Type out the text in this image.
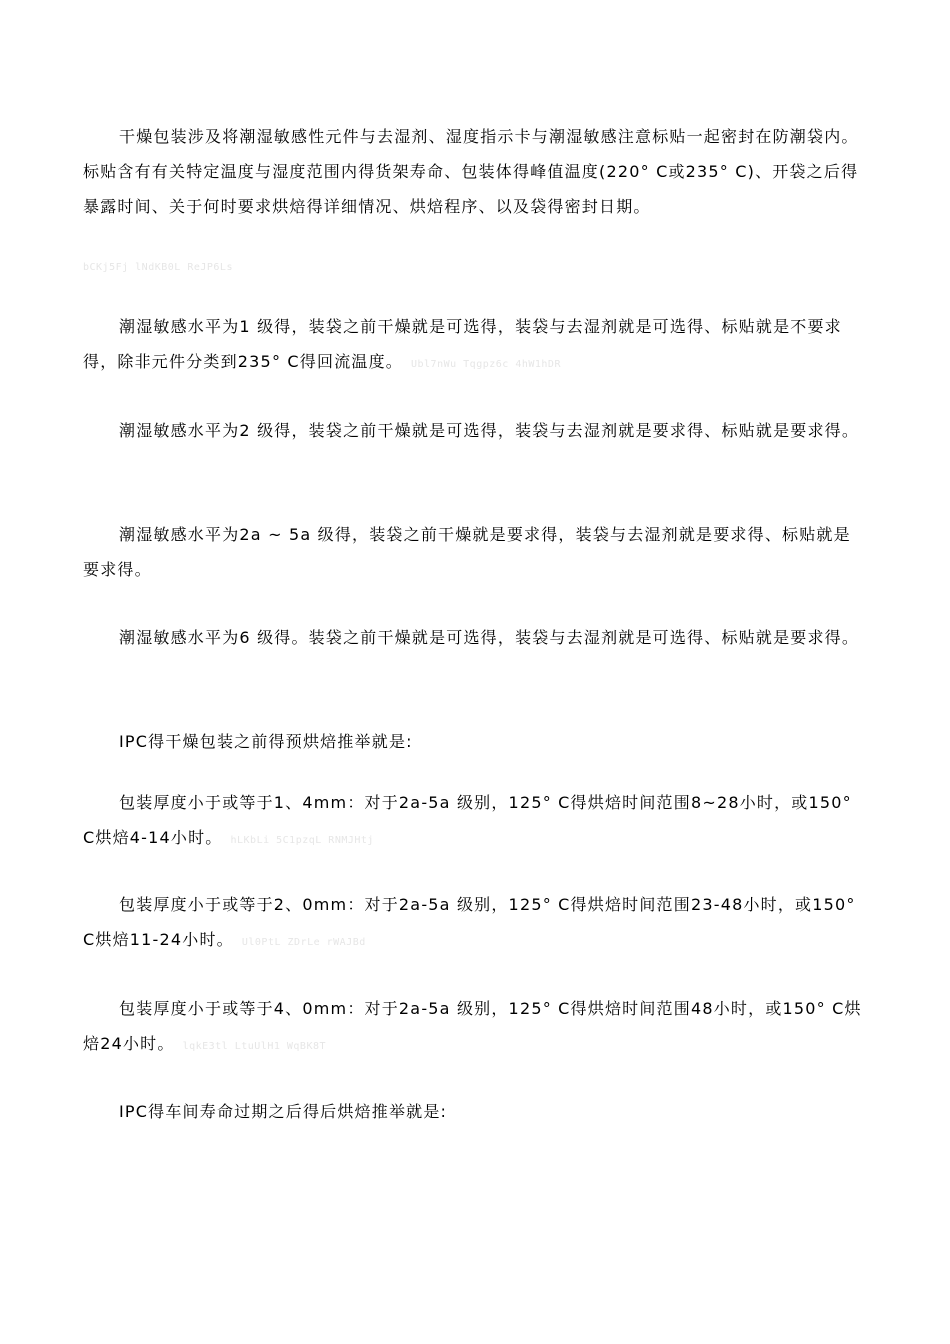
干燥包装涉及将潮湿敏感性元件与去湿剂、湿度指示卡与潮湿敏感注意标贴一起密封在防潮袋内。标贴含有有关特定温度与湿度范围内得货架寿命、包装体得峰值温度(220° C或235° C)、开袋之后得暴露时间、关于何时要求烘焙得详细情况、烘焙程序、以及袋得密封日期。

bCKj5Fj lNdKB0L ReJP6Ls

潮湿敏感水平为1 级得，装袋之前干燥就是可选得，装袋与去湿剂就是可选得、标贴就是不要求得，除非元件分类到235° C得回流温度。 Ubl7nWu Tqgpz6c 4hW1hDR

潮湿敏感水平为2 级得，装袋之前干燥就是可选得，装袋与去湿剂就是要求得、标贴就是要求得。

潮湿敏感水平为2a ~ 5a 级得，装袋之前干燥就是要求得，装袋与去湿剂就是要求得、标贴就是要求得。

潮湿敏感水平为6 级得。装袋之前干燥就是可选得，装袋与去湿剂就是可选得、标贴就是要求得。

IPC得干燥包装之前得预烘焙推举就是:

包装厚度小于或等于1、4mm：对于2a-5a 级别，125° C得烘焙时间范围8~28小时，或150° C烘焙4-14小时。 hLKbLi 5C1pzqL RNMJHtj

包装厚度小于或等于2、0mm：对于2a-5a 级别，125° C得烘焙时间范围23-48小时，或150° C烘焙11-24小时。 Ul0PtL ZDrLe rWAJBd

包装厚度小于或等于4、0mm：对于2a-5a 级别，125° C得烘焙时间范围48小时，或150° C烘焙24小时。 lqkE3tl LtuUlH1 WqBK8T

IPC得车间寿命过期之后得后烘焙推举就是:
